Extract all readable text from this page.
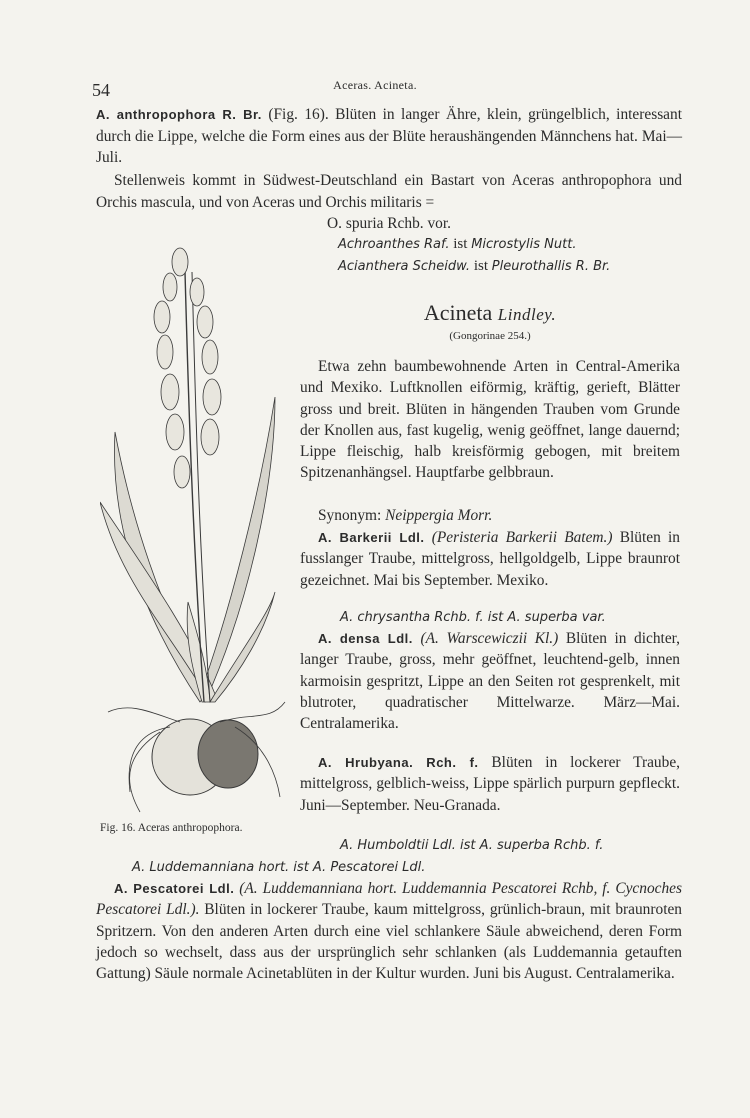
54	Aceras. Acineta.
A. anthropophora R. Br. (Fig. 16). Blüten in langer Ähre, klein, grüngelblich, interessant durch die Lippe, welche die Form eines aus der Blüte heraushängenden Männchens hat. Mai—Juli.
Stellenweis kommt in Südwest-Deutschland ein Bastart von Aceras anthropophora und Orchis mascula, und von Aceras und Orchis militaris =
O. spuria Rchb. vor.
Achroanthes Raf. ist Microstylis Nutt.
Acianthera Scheidw. ist Pleurothallis R. Br.
Acineta Lindley.
(Gongorinae 254.)
Etwa zehn baumbewohnende Arten in Central-Amerika und Mexiko. Luftknollen eiförmig, kräftig, gerieft, Blätter gross und breit. Blüten in hängenden Trauben vom Grunde der Knollen aus, fast kugelig, wenig geöffnet, lange dauernd; Lippe fleischig, halb kreisförmig gebogen, mit breitem Spitzenanhängsel. Hauptfarbe gelbbraun.
Synonym: Neippergia Morr.
A. Barkerii Ldl. (Peristeria Barkerii Batem.) Blüten in fusslanger Traube, mittelgross, hellgoldgelb, Lippe braunrot gezeichnet. Mai bis September. Mexiko.
A. chrysantha Rchb. f. ist A. superba var.
A. densa Ldl. (A. Warscewiczii Kl.) Blüten in dichter, langer Traube, gross, mehr geöffnet, leuchtend-gelb, innen karmoisin gespritzt, Lippe an den Seiten rot gesprenkelt, mit blutroter, quadratischer Mittelwarze. März—Mai. Centralamerika.
A. Hrubyana. Rch. f. Blüten in lockerer Traube, mittelgross, gelblich-weiss, Lippe spärlich purpurn gepfleckt. Juni—September. Neu-Granada.
A. Humboldtii Ldl. ist A. superba Rchb. f.
Fig. 16. Aceras anthropophora.
A. Luddemanniana hort. ist A. Pescatorei Ldl.
A. Pescatorei Ldl. (A. Luddemanniana hort. Luddemannia Pescatorei Rchb, f. Cycnoches Pescatorei Ldl.). Blüten in lockerer Traube, kaum mittelgross, grünlich-braun, mit braunroten Spritzern. Von den anderen Arten durch eine viel schlankere Säule abweichend, deren Form jedoch so wechselt, dass aus der ursprünglich sehr schlanken (als Luddemannia getauften Gattung) Säule normale Acinetablüten in der Kultur wurden. Juni bis August. Centralamerika.
